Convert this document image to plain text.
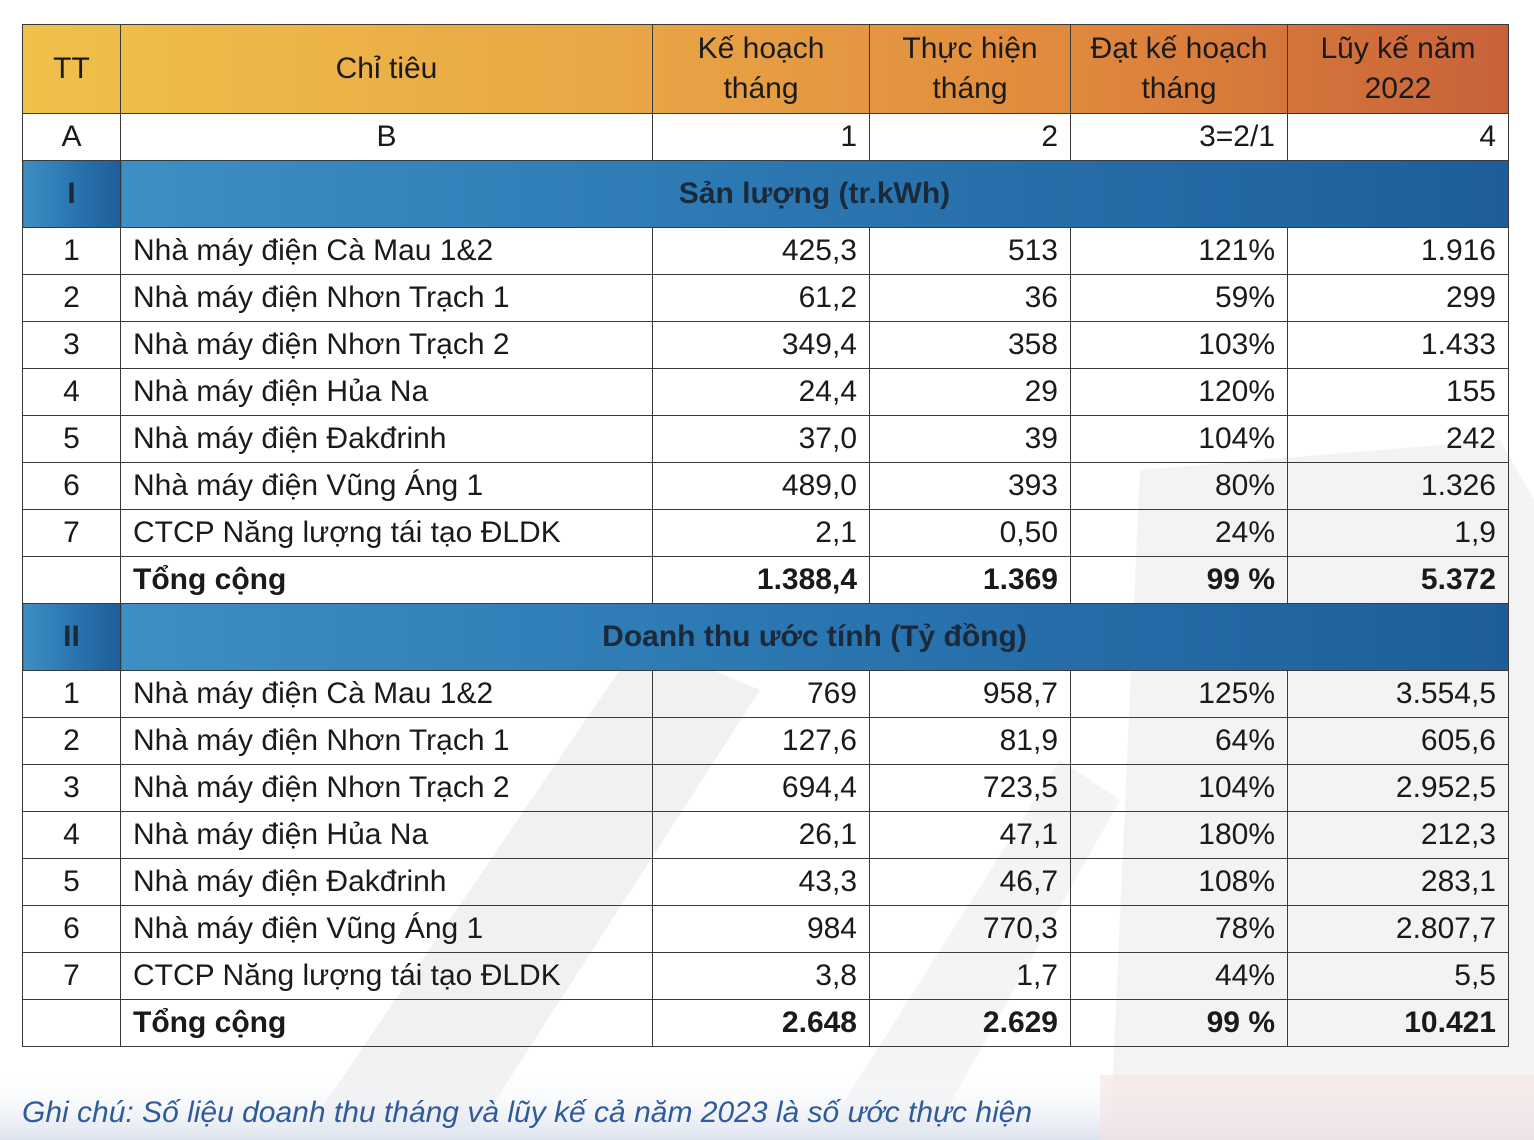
TT	Chỉ tiêu	Kế hoạch tháng	Thực hiện tháng	Đạt kế hoạch tháng	Lũy kế năm 2022
A	B	1	2	3=2/1	4
I	Sản lượng (tr.kWh)				
1	Nhà máy điện Cà Mau 1&2	425,3	513	121%	1.916
2	Nhà máy điện Nhơn Trạch 1	61,2	36	59%	299
3	Nhà máy điện Nhơn Trạch 2	349,4	358	103%	1.433
4	Nhà máy điện Hủa Na	24,4	29	120%	155
5	Nhà máy điện Đakđrinh	37,0	39	104%	242
6	Nhà máy điện Vũng Áng 1	489,0	393	80%	1.326
7	CTCP Năng lượng tái tạo ĐLDK	2,1	0,50	24%	1,9
	Tổng cộng	1.388,4	1.369	99 %	5.372
II	Doanh thu ước tính (Tỷ đồng)				
1	Nhà máy điện Cà Mau 1&2	769	958,7	125%	3.554,5
2	Nhà máy điện Nhơn Trạch 1	127,6	81,9	64%	605,6
3	Nhà máy điện Nhơn Trạch 2	694,4	723,5	104%	2.952,5
4	Nhà máy điện Hủa Na	26,1	47,1	180%	212,3
5	Nhà máy điện Đakđrinh	43,3	46,7	108%	283,1
6	Nhà máy điện Vũng Áng 1	984	770,3	78%	2.807,7
7	CTCP Năng lượng tái tạo ĐLDK	3,8	1,7	44%	5,5
	Tổng cộng	2.648	2.629	99 %	10.421
Ghi chú: Số liệu doanh thu tháng và lũy kế cả năm 2023 là số ước thực hiện
